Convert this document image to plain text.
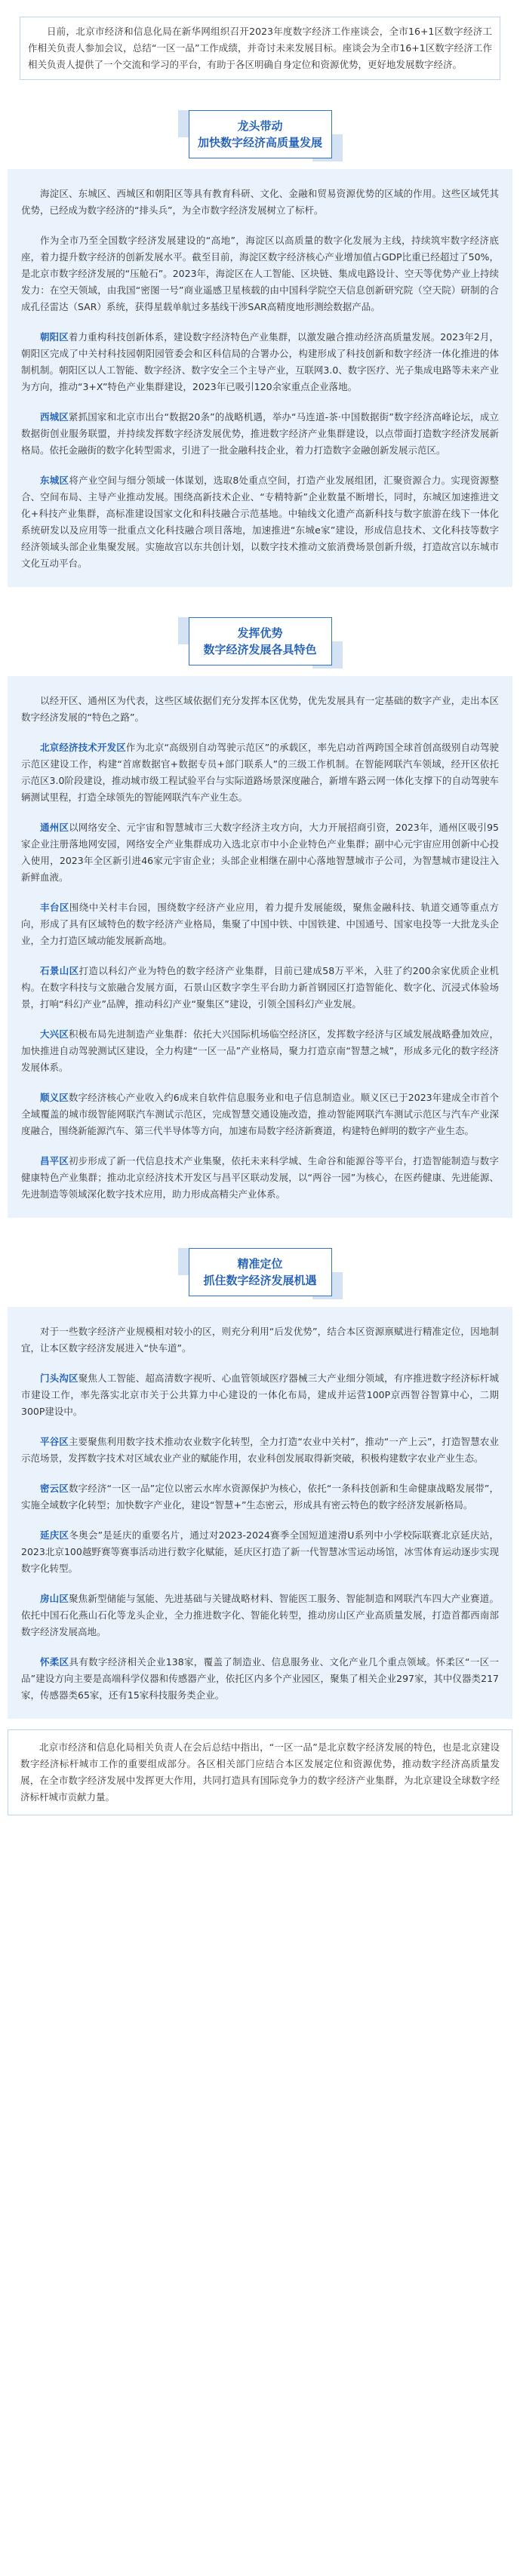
日前，北京市经济和信息化局在新华网组织召开2023年度数字经济工作座谈会，全市16+1区数字经济工作相关负责人参加会议，总结“一区一品”工作成绩，并奇讨未来发展目标。座谈会为全市16+1区数字经济工作相关负责人提供了一个交流和学习的平台，有助于各区明确自身定位和资源优势，更好地发展数字经济。

龙头带动
加快数字经济高质量发展

海淀区、东城区、西城区和朝阳区等具有教育科研、文化、金融和贸易资源优势的区域的作用。这些区域凭其优势，已经成为数字经济的“排头兵”，为全市数字经济发展树立了标杆。

作为全市乃至全国数字经济发展建设的“高地”，海淀区以高质量的数字化发展为主线，持续筑牢数字经济底座，着力提升数字经济的创新发展水平。截至目前，海淀区数字经济核心产业增加值占GDP比重已经超过了50%，是北京市数字经济发展的“压舱石”。2023年，海淀区在人工智能、区块链、集成电路设计、空天等优势产业上持续发力：在空天领域，由我国“密图一号”商业遥感卫星核载的由中国科学院空天信息创新研究院（空天院）研制的合成孔径雷达（SAR）系统，获得星载单航过多基线干涉SAR高精度地形测绘数据产品。

朝阳区着力重构科技创新体系，建设数字经济特色产业集群，以激发融合推动经济高质量发展。2023年2月，朝阳区完成了中关村科技园朝阳园管委会和区科信局的合署办公，构建形成了科技创新和数字经济一体化推进的体制机制。朝阳区以人工智能、数字经济、数字安全三个主导产业，互联网3.0、数字医疗、光子集成电路等未来产业为方向，推动“3+X”特色产业集群建设，2023年已吸引120余家重点企业落地。

西城区紧抓国家和北京市出台“数据20条”的战略机遇，举办“马连道-茶·中国数据街”数字经济高峰论坛，成立数据街创业服务联盟，并持续发挥数字经济发展优势，推进数字经济产业集群建设，以点带面打造数字经济发展新格局。依托金融街的数字化转型需求，引进了一批金融科技企业，着力打造数字金融创新发展示范区。

东城区将产业空间与细分领域一体谋划，选取8处重点空间，打造产业发展组团，汇聚资源合力。实现资源整合、空间布局、主导产业推动发展。围绕高新技术企业、“专精特新”企业数量不断增长，同时，东城区加速推进文化+科技产业集群，高标准建设国家文化和科技融合示范基地。中轴线文化遗产高新科技与数字旅游在线下一体化系统研发以及应用等一批重点文化科技融合项目落地，加速推进“东城e家”建设，形成信息技术、文化科技等数字经济领域头部企业集聚发展。实施故宫以东共创计划，以数字技术推动文旅消费场景创新升级，打造故宫以东城市文化互动平台。

发挥优势
数字经济发展各具特色

以经开区、通州区为代表，这些区域依据们充分发挥本区优势，优先发展具有一定基础的数字产业，走出本区数字经济发展的“特色之路”。

北京经济技术开发区作为北京“高级别自动驾驶示范区”的承载区，率先启动首两跨国全球首创高级别自动驾驶示范区建设工作，构建“首席数据官+数据专员+部门联系人”的三级工作机制。在智能网联汽车领域，经开区依托示范区3.0阶段建设，推动城市级工程试验平台与实际道路场景深度融合，新增车路云网一体化支撑下的自动驾驶车辆测试里程，打造全球领先的智能网联汽车产业生态。

通州区以网络安全、元宇宙和智慧城市三大数字经济主攻方向，大力开展招商引资，2023年，通州区吸引95家企业注册落地网安园，网络安全产业集群成功入选北京市中小企业特色产业集群；副中心元宇宙应用创新中心投入使用，2023年全区新引进46家元宇宙企业；头部企业相继在副中心落地智慧城市子公司，为智慧城市建设注入新鲜血液。

丰台区围绕中关村丰台园，围绕数字经济产业应用，着力提升发展能级，聚焦金融科技、轨道交通等重点方向，形成了具有区域特色的数字经济产业格局，集聚了中国中铁、中国铁建、中国通号、国家电投等一大批龙头企业，全力打造区域动能发展新高地。

石景山区打造以科幻产业为特色的数字经济产业集群，目前已建成58万平米，入驻了约200余家优质企业机构。在数字科技与文旅融合发展方面，石景山区数字孪生平台助力新首钢园区打造智能化、数字化、沉浸式体验场景，打响“科幻产业”品牌，推动科幻产业“聚集区”建设，引领全国科幻产业发展。

大兴区积极布局先进制造产业集群：依托大兴国际机场临空经济区，发挥数字经济与区域发展战略叠加效应，加快推进自动驾驶测试区建设，全力构建“一区一品”产业格局，聚力打造京南“智慧之城”，形成多元化的数字经济发展体系。

顺义区数字经济核心产业收入约6成来自软件信息服务业和电子信息制造业。顺义区已于2023年建成全市首个全域覆盖的城市级智能网联汽车测试示范区，完成智慧交通设施改造，推动智能网联汽车测试示范区与汽车产业深度融合，围绕新能源汽车、第三代半导体等方向，加速布局数字经济新赛道，构建特色鲜明的数字产业生态。

昌平区初步形成了新一代信息技术产业集聚，依托未来科学城、生命谷和能源谷等平台，打造智能制造与数字健康特色产业集群；推动北京经济技术开发区与昌平区联动发展，以“两谷一园”为核心，在医药健康、先进能源、先进制造等领域深化数字技术应用，助力形成高精尖产业体系。

精准定位
抓住数字经济发展机遇

对于一些数字经济产业规模相对较小的区，则充分利用“后发优势”，结合本区资源禀赋进行精准定位，因地制宜，让本区数字经济发展进入“快车道”。

门头沟区聚焦人工智能、超高清数字视听、心血管领域医疗器械三大产业细分领域，有序推进数字经济标杆城市建设工作，率先落实北京市关于公共算力中心建设的一体化布局，建成并运营100P京西智谷智算中心，二期300P建设中。

平谷区主要聚焦利用数字技术推动农业数字化转型，全力打造“农业中关村”，推动“一产上云”，打造智慧农业示范场景，发挥数字技术对区域农业产业的赋能作用，农业科创发展取得新突破，积极构建数字农业产业生态。

密云区数字经济“一区一品”定位以密云水库水资源保护为核心，依托“一条科技创新和生命健康战略发展带”，实施全域数字化转型；加快数字产业化，建设“智慧+”生态密云，形成具有密云特色的数字经济发展新格局。

延庆区冬奥会”是延庆的重要名片，通过对2023-2024赛季全国短道速滑U系列中小学校际联赛北京延庆站，2023北京100越野赛等赛事活动进行数字化赋能，延庆区打造了新一代智慧冰雪运动场馆，冰雪体育运动逐步实现数字化转型。

房山区聚焦新型储能与氢能、先进基础与关键战略材料、智能医工服务、智能制造和网联汽车四大产业赛道。依托中国石化燕山石化等龙头企业，全力推进数字化、智能化转型，推动房山区产业高质量发展，打造首都西南部数字经济发展高地。

怀柔区具有数字经济相关企业138家，覆盖了制造业、信息服务业、文化产业几个重点领域。怀柔区“一区一品”建设方向主要是高端科学仪器和传感器产业，依托区内多个产业园区，聚集了相关企业297家，其中仪器类217家，传感器类65家，还有15家科技服务类企业。

北京市经济和信息化局相关负责人在会后总结中指出，“一区一品”是北京数字经济发展的特色，也是北京建设数字经济标杆城市工作的重要组成部分。各区相关部门应结合本区发展定位和资源优势，推动数字经济高质量发展，在全市数字经济发展中发挥更大作用，共同打造具有国际竞争力的数字经济产业集群，为北京建设全球数字经济标杆城市贡献力量。
